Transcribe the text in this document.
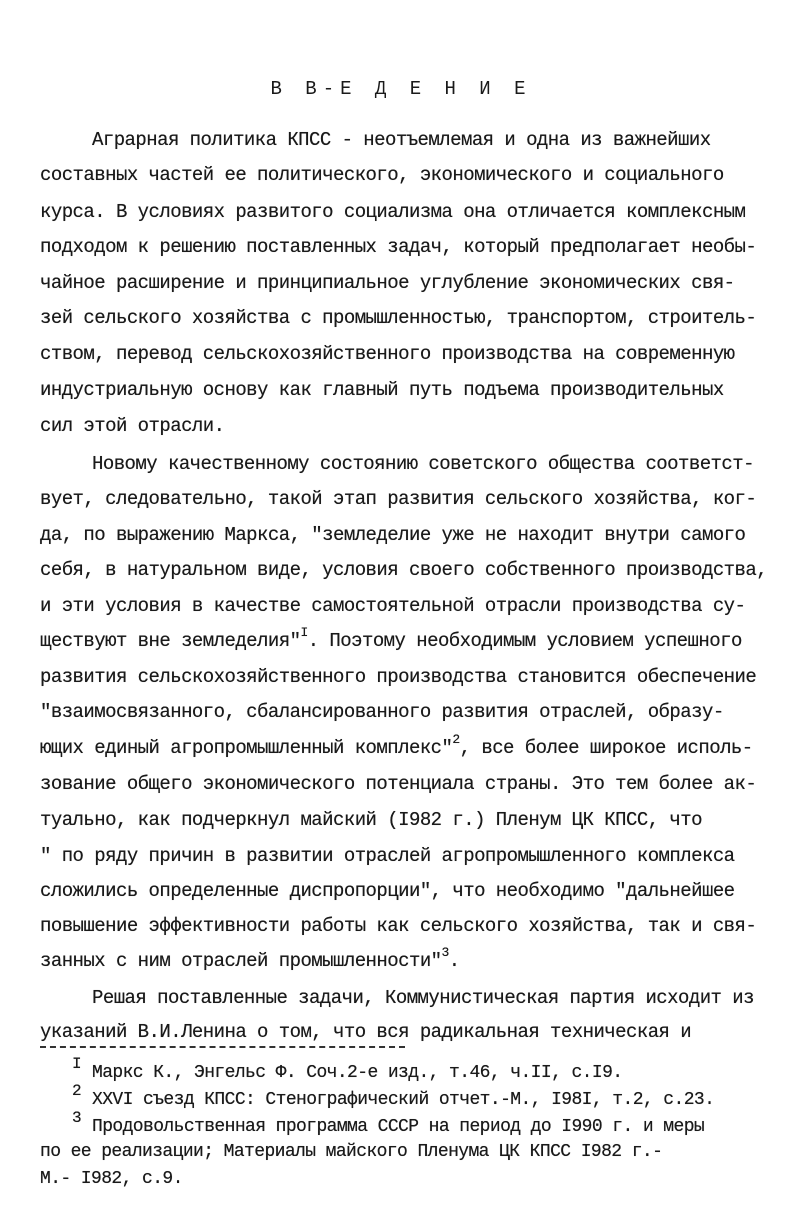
В В-Е Д Е Н И Е
Аграрная политика КПСС - неотъемлемая и одна из важнейших
составных частей ее политического, экономического и социального
курса. В условиях развитого социализма она отличается комплексным
подходом к решению поставленных задач, который предполагает необы-
чайное расширение и принципиальное углубление экономических свя-
зей сельского хозяйства с промышленностью, транспортом, строитель-
ством, перевод сельскохозяйственного производства на современную
индустриальную основу как главный путь подъема производительных
сил этой отрасли.
Новому качественному состоянию советского общества соответст-
вует, следовательно, такой этап развития сельского хозяйства, ког-
да, по выражению Маркса, "земледелие уже не находит внутри самого
себя, в натуральном виде, условия своего собственного производства,
и эти условия в качестве самостоятельной отрасли производства су-
ществуют вне земледелия"$^I$. Поэтому необходимым условием успешного
развития сельскохозяйственного производства становится обеспечение
"взаимосвязанного, сбалансированного развития отраслей, образу-
ющих единый агропромышленный комплекс"$^2$, все более широкое исполь-
зование общего экономического потенциала страны. Это тем более ак-
туально, как подчеркнул майский (I982 г.) Пленум ЦК КПСС, что
" по ряду причин в развитии отраслей агропромышленного комплекса
сложились определенные диспропорции", что необходимо "дальнейшее
повышение эффективности работы как сельского хозяйства, так и свя-
занных с ним отраслей промышленности"$^3$.
Решая поставленные задачи, Коммунистическая партия исходит из
указаний В.И.Ленина о том, что вся радикальная техническая и
I Маркс К., Энгельс Ф. Соч.2-е изд., т.46, ч.II, с.I9.
2 XXVI съезд КПСС: Стенографический отчет.-М., I98I, т.2, с.23.
3 Продовольственная программа СССР на период до I990 г. и меры
по ее реализации; Материалы майского Пленума ЦК КПСС I982 г.-
М.- I982, с.9.
